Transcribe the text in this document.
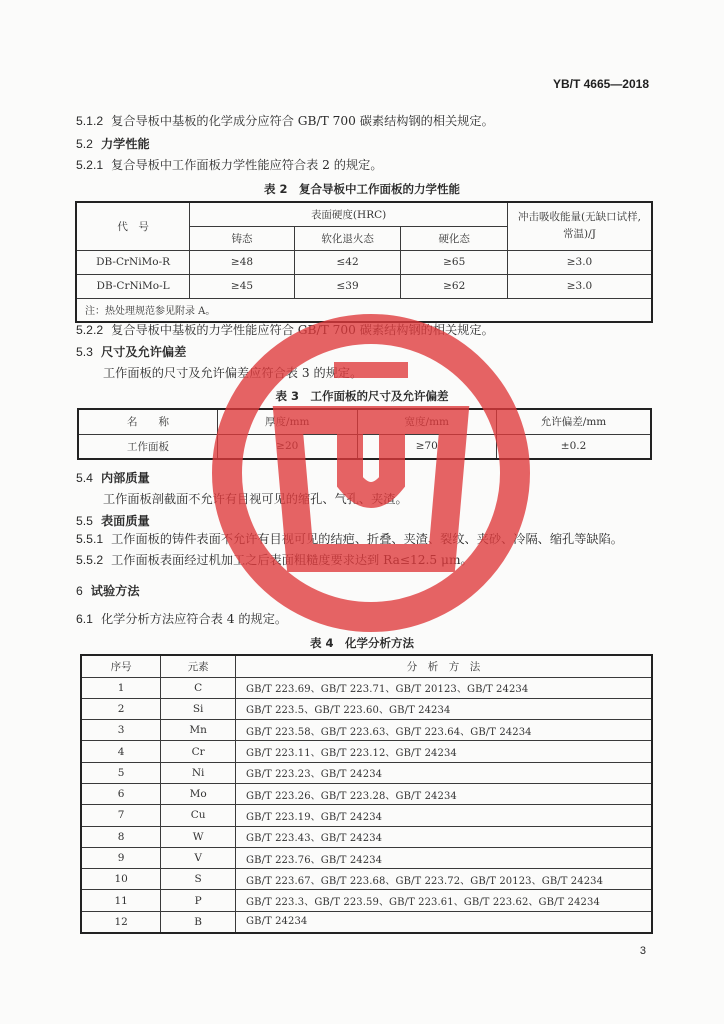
YB/T 4665—2018
5.1.2 复合导板中基板的化学成分应符合 GB/T 700 碳素结构钢的相关规定。
5.2 力学性能
5.2.1 复合导板中工作面板力学性能应符合表 2 的规定。
表 2　复合导板中工作面板的力学性能
代　号	表面硬度(HRC)			冲击吸收能量(无缺口试样,常温)/J
	铸态	软化退火态	硬化态	
DB-CrNiMo-R	≥48	≤42	≥65	≥3.0
DB-CrNiMo-L	≥45	≤39	≥62	≥3.0
注：热处理规范参见附录 A。				
5.2.2 复合导板中基板的力学性能应符合 GB/T 700 碳素结构钢的相关规定。
5.3 尺寸及允许偏差
工作面板的尺寸及允许偏差应符合表 3 的规定。
表 3　工作面板的尺寸及允许偏差
名　　称	厚度/mm	宽度/mm	允许偏差/mm
工作面板	≥20	≥70	±0.2
5.4 内部质量
工作面板剖截面不允许有目视可见的缩孔、气孔、夹渣。
5.5 表面质量
5.5.1 工作面板的铸件表面不允许有目视可见的结疤、折叠、夹渣、裂纹、夹砂、冷隔、缩孔等缺陷。
5.5.2 工作面板表面经过机加工之后表面粗糙度要求达到 Ra≤12.5 μm。
6 试验方法
6.1 化学分析方法应符合表 4 的规定。
表 4　化学分析方法
序号	元素	分　析　方　法
1	C	GB/T 223.69、GB/T 223.71、GB/T 20123、GB/T 24234
2	Si	GB/T 223.5、GB/T 223.60、GB/T 24234
3	Mn	GB/T 223.58、GB/T 223.63、GB/T 223.64、GB/T 24234
4	Cr	GB/T 223.11、GB/T 223.12、GB/T 24234
5	Ni	GB/T 223.23、GB/T 24234
6	Mo	GB/T 223.26、GB/T 223.28、GB/T 24234
7	Cu	GB/T 223.19、GB/T 24234
8	W	GB/T 223.43、GB/T 24234
9	V	GB/T 223.76、GB/T 24234
10	S	GB/T 223.67、GB/T 223.68、GB/T 223.72、GB/T 20123、GB/T 24234
11	P	GB/T 223.3、GB/T 223.59、GB/T 223.61、GB/T 223.62、GB/T 24234
12	B	GB/T 24234
3
